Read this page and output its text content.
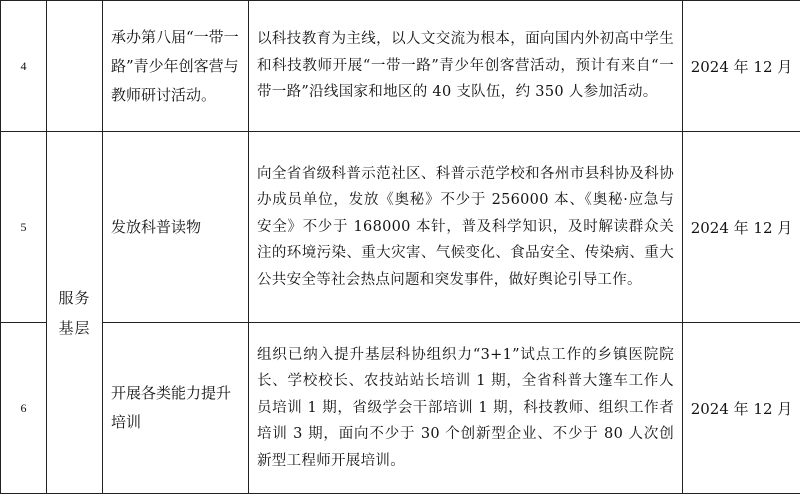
4		承办第八届“一带一路”青少年创客营与教师研讨活动。	以科技教育为主线，以人文交流为根本，面向国内外初高中学生和科技教师开展“一带一路”青少年创客营活动，预计有来自“一带一路”沿线国家和地区的 40 支队伍，约 350 人参加活动。	2024 年 12 月
5	服务基层	发放科普读物	向全省省级科普示范社区、科普示范学校和各州市县科协及科协办成员单位，发放《奥秘》不少于 256000 本、《奥秘·应急与安全》不少于 168000 本针，普及科学知识，及时解读群众关注的环境污染、重大灾害、气候变化、食品安全、传染病、重大公共安全等社会热点问题和突发事件，做好舆论引导工作。	2024 年 12 月
6		开展各类能力提升培训	组织已纳入提升基层科协组织力“3+1”试点工作的乡镇医院院长、学校校长、农技站站长培训 1 期，全省科普大篷车工作人员培训 1 期，省级学会干部培训 1 期，科技教师、组织工作者培训 3 期，面向不少于 30 个创新型企业、不少于 80 人次创新型工程师开展培训。	2024 年 12 月
